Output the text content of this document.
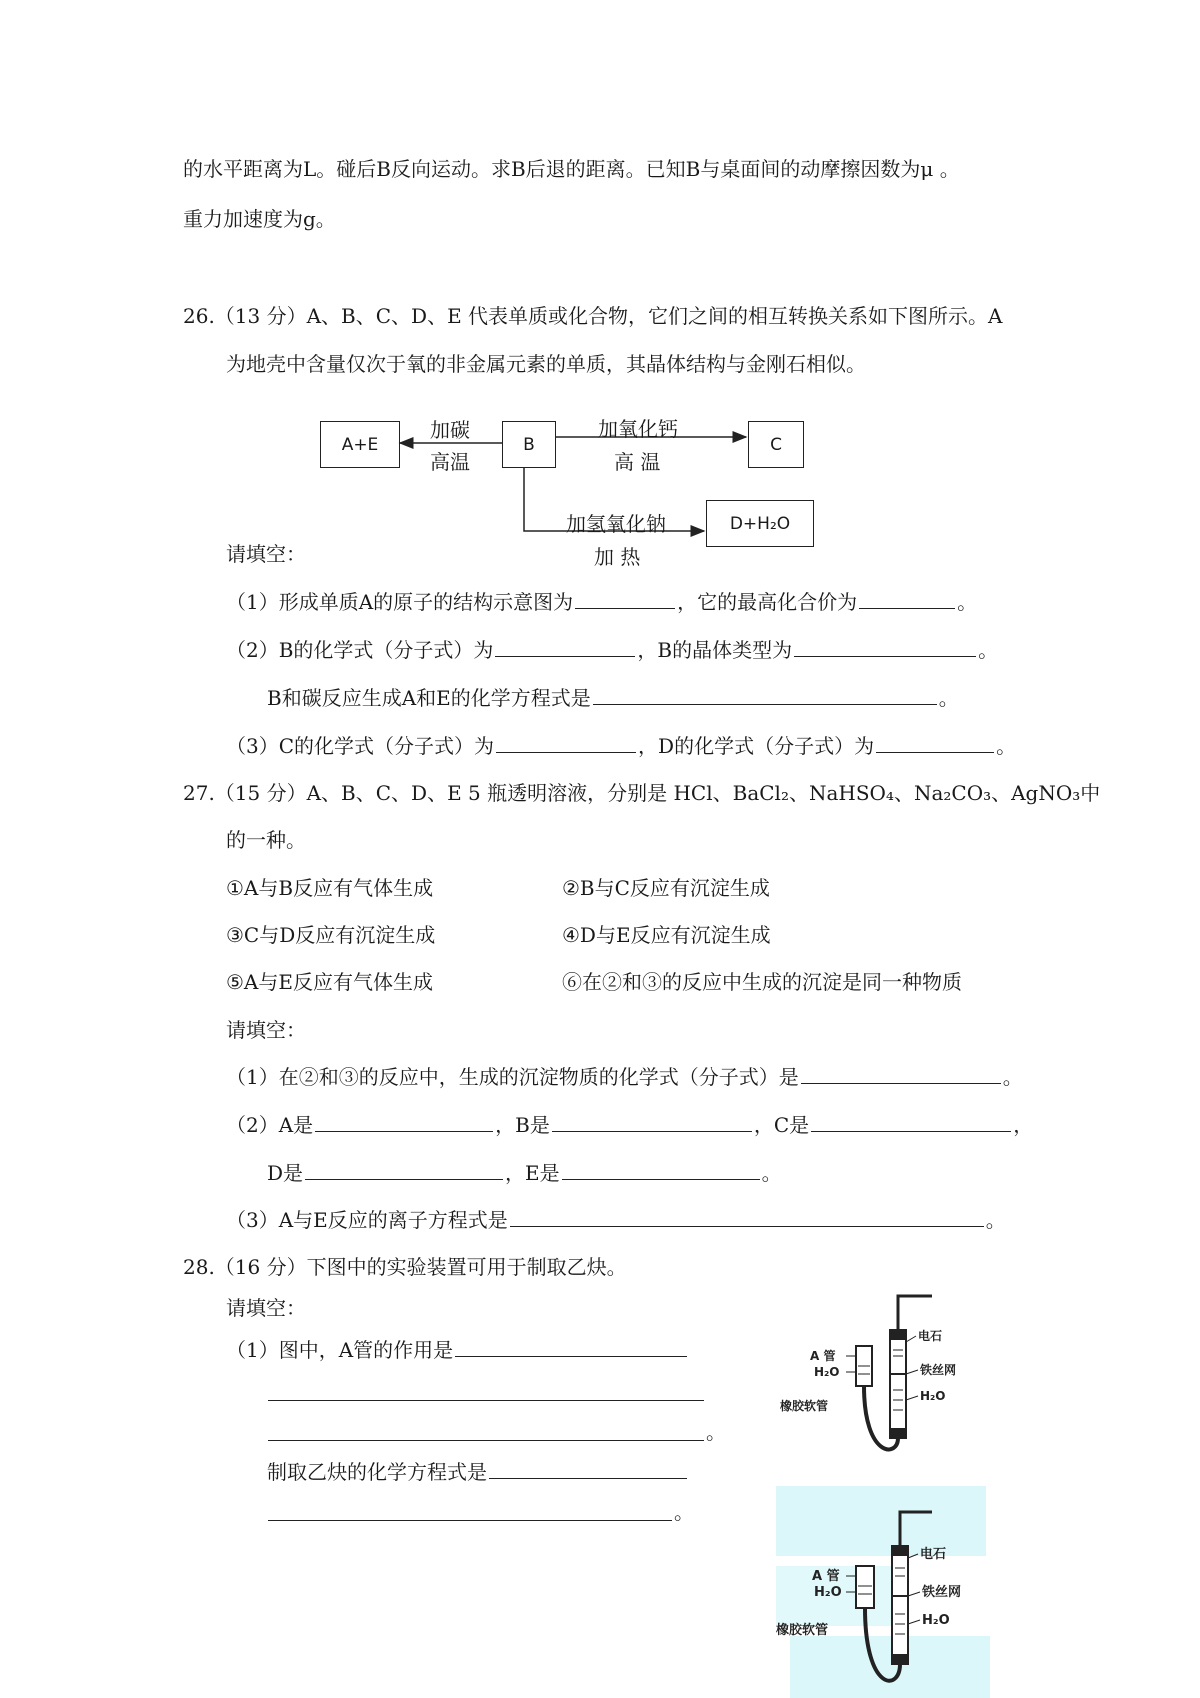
的水平距离为L。碰后B反向运动。求B后退的距离。已知B与桌面间的动摩擦因数为μ 。
重力加速度为g。
26.（13 分）A、B、C、D、E 代表单质或化合物，它们之间的相互转换关系如下图所示。A
为地壳中含量仅次于氧的非金属元素的单质，其晶体结构与金刚石相似。
A+E	B	C
D+H₂O
加碳
高温
加氧化钙
高 温
加氢氧化钠
加 热
请填空：
（1）形成单质A的原子的结构示意图为	，它的最高化合价为	。
（2）B的化学式（分子式）为	，B的晶体类型为	。
B和碳反应生成A和E的化学方程式是	。
（3）C的化学式（分子式）为	，D的化学式（分子式）为	。
27.（15 分）A、B、C、D、E 5 瓶透明溶液，分别是 HCl、BaCl₂、NaHSO₄、Na₂CO₃、AgNO₃中
的一种。
①A与B反应有气体生成	②B与C反应有沉淀生成
③C与D反应有沉淀生成	④D与E反应有沉淀生成
⑤A与E反应有气体生成	⑥在②和③的反应中生成的沉淀是同一种物质
请填空：
（1）在②和③的反应中，生成的沉淀物质的化学式（分子式）是	。
（2）A是	，B是	，C是	，
D是	，E是	。
（3）A与E反应的离子方程式是	。
28.（16 分）下图中的实验装置可用于制取乙炔。
请填空：
（1）图中，A管的作用是
。
制取乙炔的化学方程式是
。
电石
铁丝网
H₂O
A 管
H₂O
橡胶软管
电石
铁丝网
H₂O
A 管
H₂O
橡胶软管
